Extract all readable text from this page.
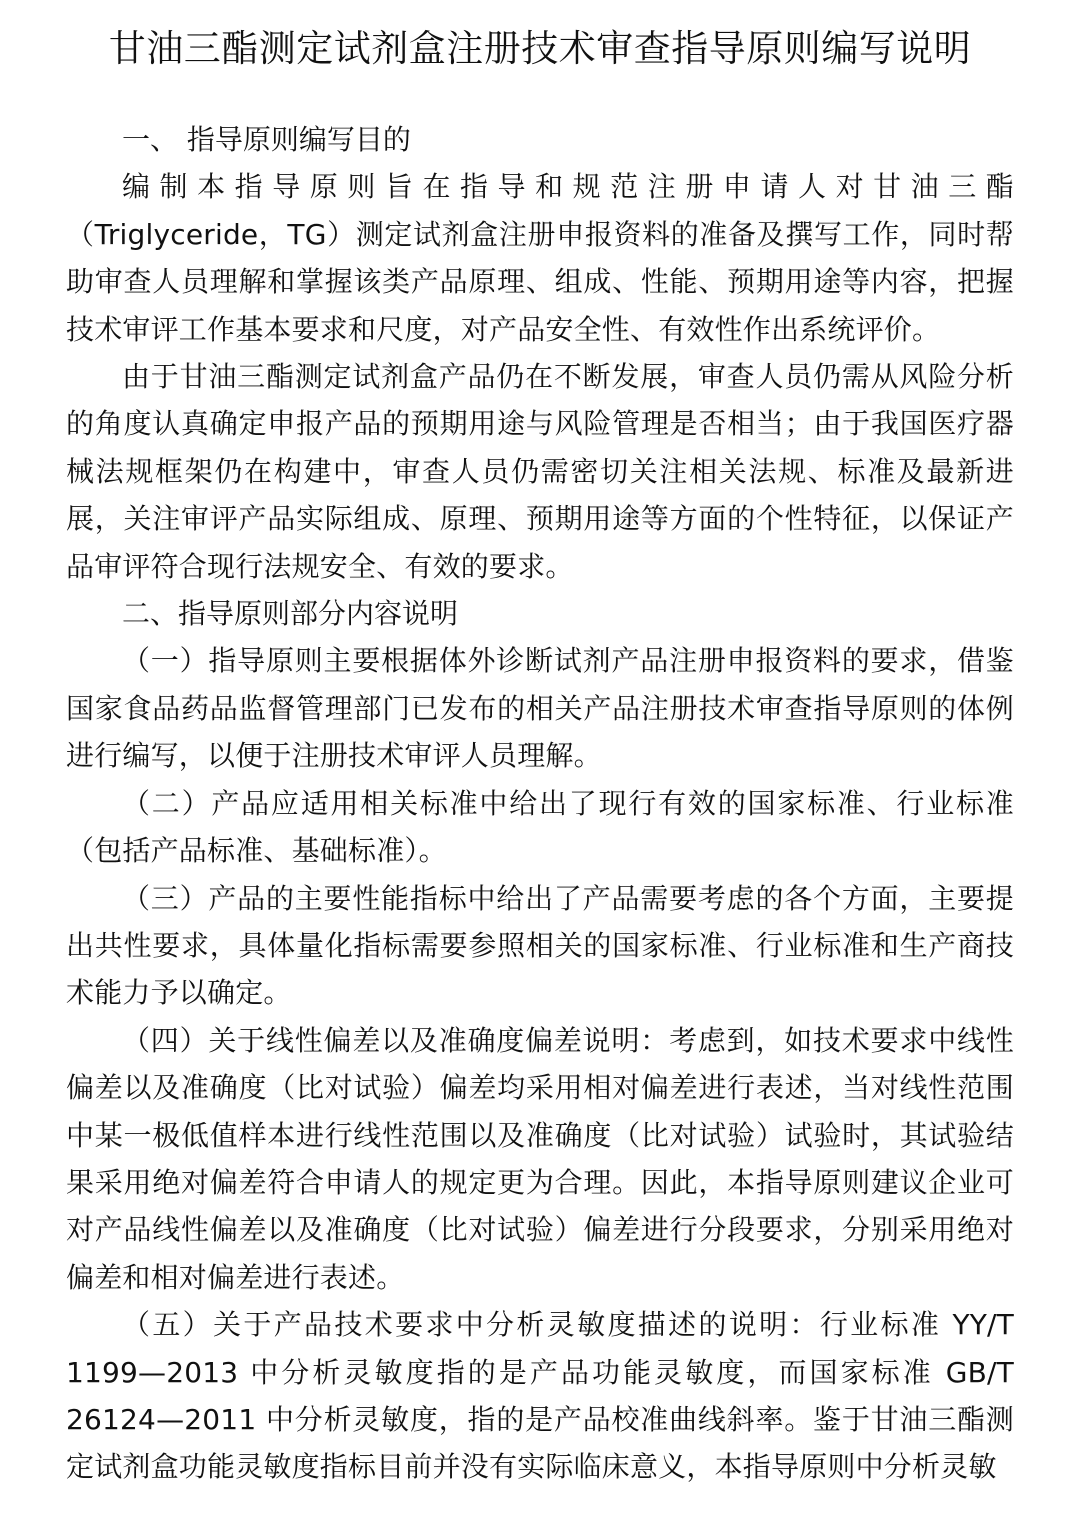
甘油三酯测定试剂盒注册技术审查指导原则编写说明

一、 指导原则编写目的

编制本指导原则旨在指导和规范注册申请人对甘油三酯（Triglyceride，TG）测定试剂盒注册申报资料的准备及撰写工作，同时帮助审查人员理解和掌握该类产品原理、组成、性能、预期用途等内容，把握技术审评工作基本要求和尺度，对产品安全性、有效性作出系统评价。

由于甘油三酯测定试剂盒产品仍在不断发展，审查人员仍需从风险分析的角度认真确定申报产品的预期用途与风险管理是否相当；由于我国医疗器械法规框架仍在构建中，审查人员仍需密切关注相关法规、标准及最新进展，关注审评产品实际组成、原理、预期用途等方面的个性特征，以保证产品审评符合现行法规安全、有效的要求。

二、指导原则部分内容说明

（一）指导原则主要根据体外诊断试剂产品注册申报资料的要求，借鉴国家食品药品监督管理部门已发布的相关产品注册技术审查指导原则的体例进行编写，以便于注册技术审评人员理解。

（二）产品应适用相关标准中给出了现行有效的国家标准、行业标准（包括产品标准、基础标准）。

（三）产品的主要性能指标中给出了产品需要考虑的各个方面，主要提出共性要求，具体量化指标需要参照相关的国家标准、行业标准和生产商技术能力予以确定。

（四）关于线性偏差以及准确度偏差说明：考虑到，如技术要求中线性偏差以及准确度（比对试验）偏差均采用相对偏差进行表述，当对线性范围中某一极低值样本进行线性范围以及准确度（比对试验）试验时，其试验结果采用绝对偏差符合申请人的规定更为合理。因此，本指导原则建议企业可对产品线性偏差以及准确度（比对试验）偏差进行分段要求，分别采用绝对偏差和相对偏差进行表述。

（五）关于产品技术要求中分析灵敏度描述的说明：行业标准 YY/T 1199—2013 中分析灵敏度指的是产品功能灵敏度，而国家标准 GB/T 26124—2011 中分析灵敏度，指的是产品校准曲线斜率。鉴于甘油三酯测定试剂盒功能灵敏度指标目前并没有实际临床意义，本指导原则中分析灵敏
